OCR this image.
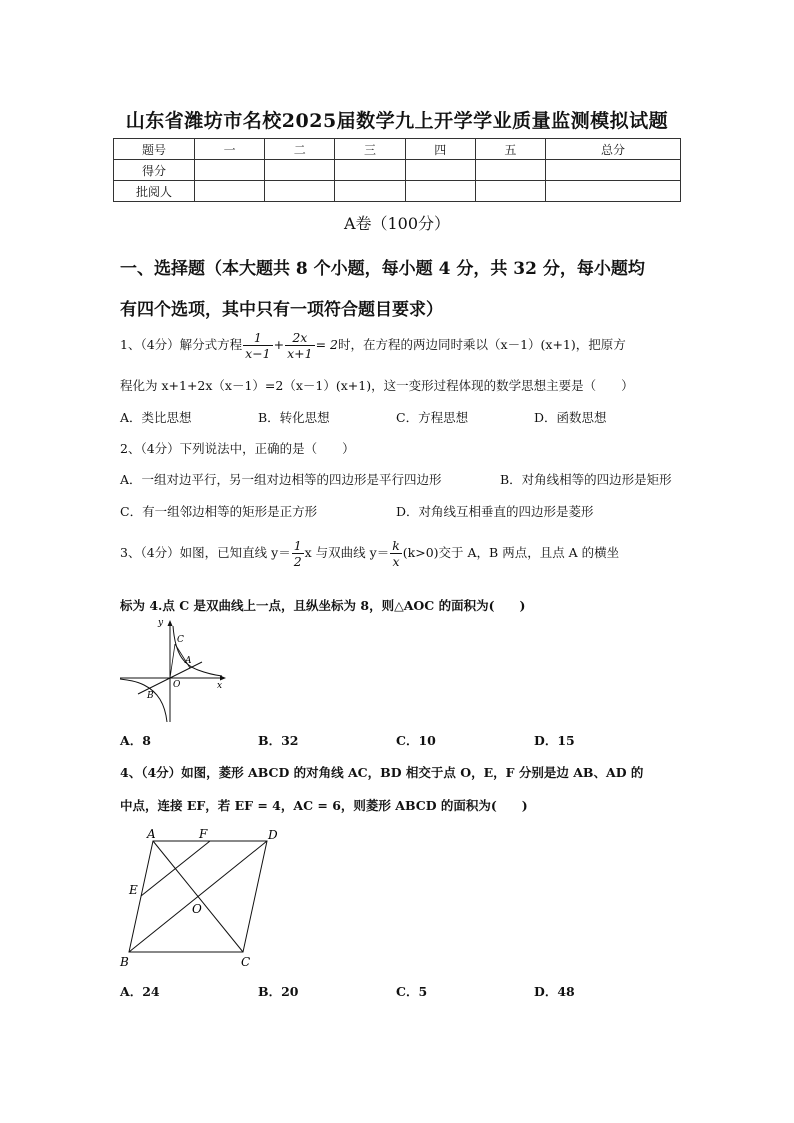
山东省潍坊市名校2025届数学九上开学学业质量监测模拟试题
题号	一	二	三	四	五	总分
得分						
批阅人						
A卷（100分）
一、选择题（本大题共 8 个小题，每小题 4 分，共 32 分，每小题均
有四个选项，其中只有一项符合题目要求）
1、（4分）解分式方程 $\frac{1}{x-1} + \frac{2x}{x+1} = 2$时，在方程的两边同时乘以（x－1）(x+1)，把原方
程化为 x+1+2x（x－1）=2（x－1）(x+1)，这一变形过程体现的数学思想主要是（　　）
A．类比思想	B．转化思想	C．方程思想	D．函数思想
2、（4分）下列说法中，正确的是（　　）
A．一组对边平行，另一组对边相等的四边形是平行四边形	B．对角线相等的四边形是矩形
C．有一组邻边相等的矩形是正方形	D．对角线互相垂直的四边形是菱形
3、（4分）如图，已知直线 $y= \frac{1}{2}$ x 与双曲线 $y= \frac{k}{x} (k>0)$交于 A，B 两点，且点 A 的横坐
标为 4.点 C 是双曲线上一点，且纵坐标为 8，则△AOC 的面积为(　　)
y
x
C
A
O
B
A．8	B．32	C．10	D．15
4、（4分）如图，菱形 ABCD 的对角线 AC，BD 相交于点 O，E，F 分别是边 AB、AD 的
中点，连接 EF，若 EF = 4，AC = 6，则菱形 ABCD 的面积为(　　)
A	F	D
E
O
B	C
A．24	B．20	C．5	D．48
